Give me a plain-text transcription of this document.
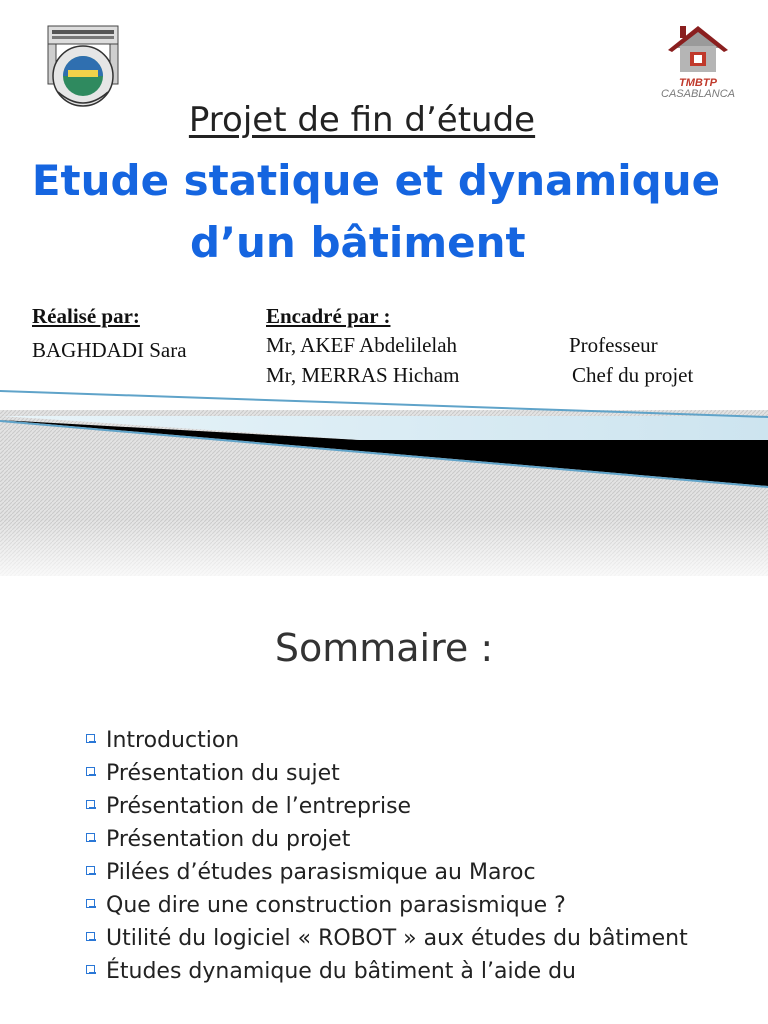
TMBTP
CASABLANCA
Projet de fin d’étude
Etude statique et dynamique
d’un bâtiment
Réalisé par:
BAGHDADI Sara
Encadré par :
Mr, AKEF Abdelilelah	Professeur
Mr, MERRAS Hicham	Chef du projet
Sommaire :
Introduction
Présentation du sujet
Présentation de l’entreprise
Présentation du projet
Pilées d’études parasismique au Maroc
Que dire une construction parasismique ?
Utilité du logiciel « ROBOT » aux études du bâtiment
Études dynamique du bâtiment à l’aide du
